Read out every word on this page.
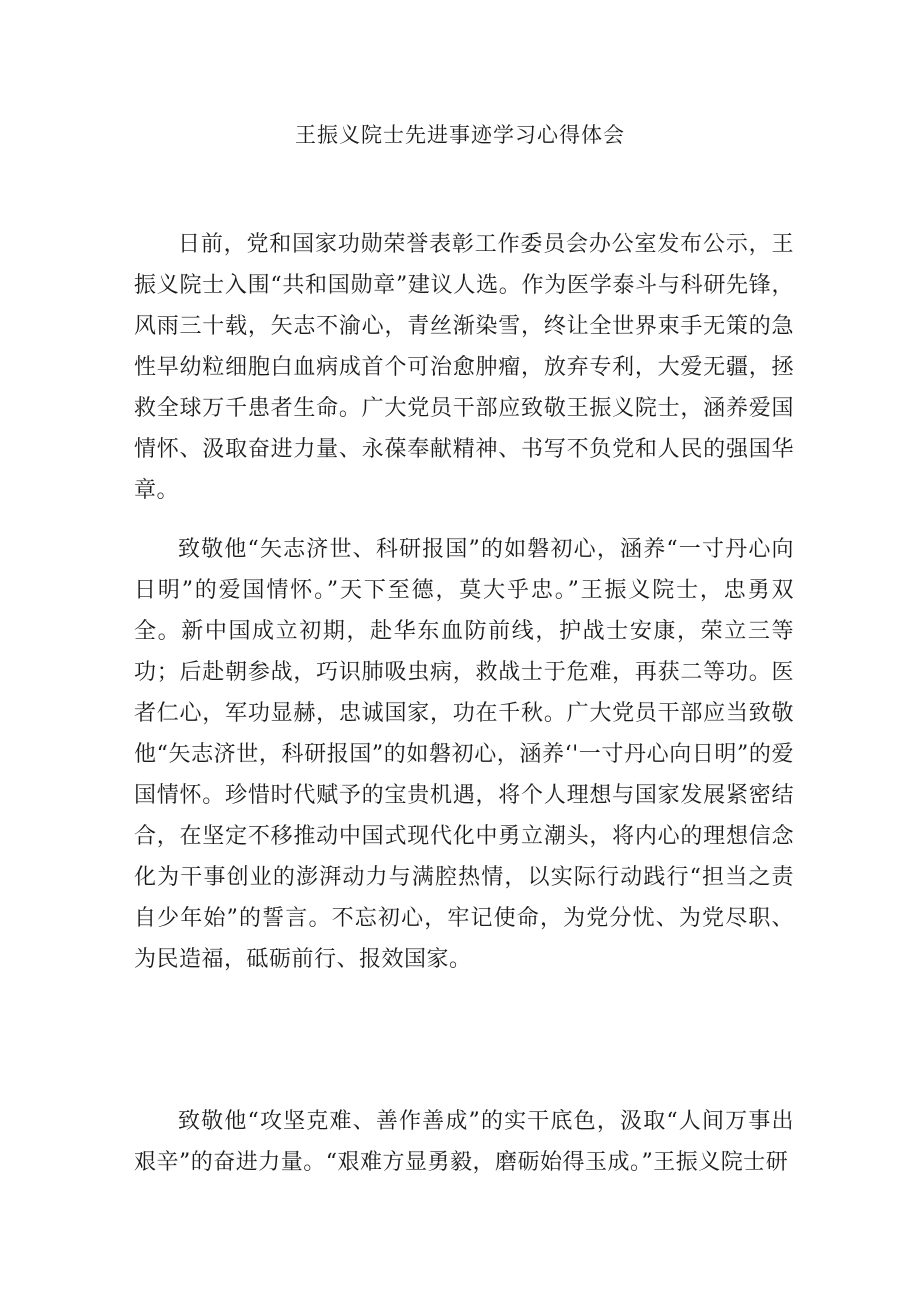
王振义院士先进事迹学习心得体会

日前，党和国家功勋荣誉表彰工作委员会办公室发布公示，王振义院士入围“共和国勋章”建议人选。作为医学泰斗与科研先锋，风雨三十载，矢志不渝心，青丝渐染雪，终让全世界束手无策的急性早幼粒细胞白血病成首个可治愈肿瘤，放弃专利，大爱无疆，拯救全球万千患者生命。广大党员干部应致敬王振义院士，涵养爱国情怀、汲取奋进力量、永葆奉献精神、书写不负党和人民的强国华章。

致敬他“矢志济世、科研报国”的如磐初心，涵养“一寸丹心向日明”的爱国情怀。”天下至德，莫大乎忠。”王振义院士，忠勇双全。新中国成立初期，赴华东血防前线，护战士安康，荣立三等功；后赴朝参战，巧识肺吸虫病，救战士于危难，再获二等功。医者仁心，军功显赫，忠诚国家，功在千秋。广大党员干部应当致敬他“矢志济世，科研报国”的如磐初心，涵养‘'一寸丹心向日明”的爱国情怀。珍惜时代赋予的宝贵机遇，将个人理想与国家发展紧密结合，在坚定不移推动中国式现代化中勇立潮头，将内心的理想信念化为干事创业的澎湃动力与满腔热情，以实际行动践行“担当之责自少年始”的誓言。不忘初心，牢记使命，为党分忧、为党尽职、为民造福，砥砺前行、报效国家。

致敬他“攻坚克难、善作善成”的实干底色，汲取“人间万事出艰辛”的奋进力量。“艰难方显勇毅，磨砺始得玉成。”王振义院士研
